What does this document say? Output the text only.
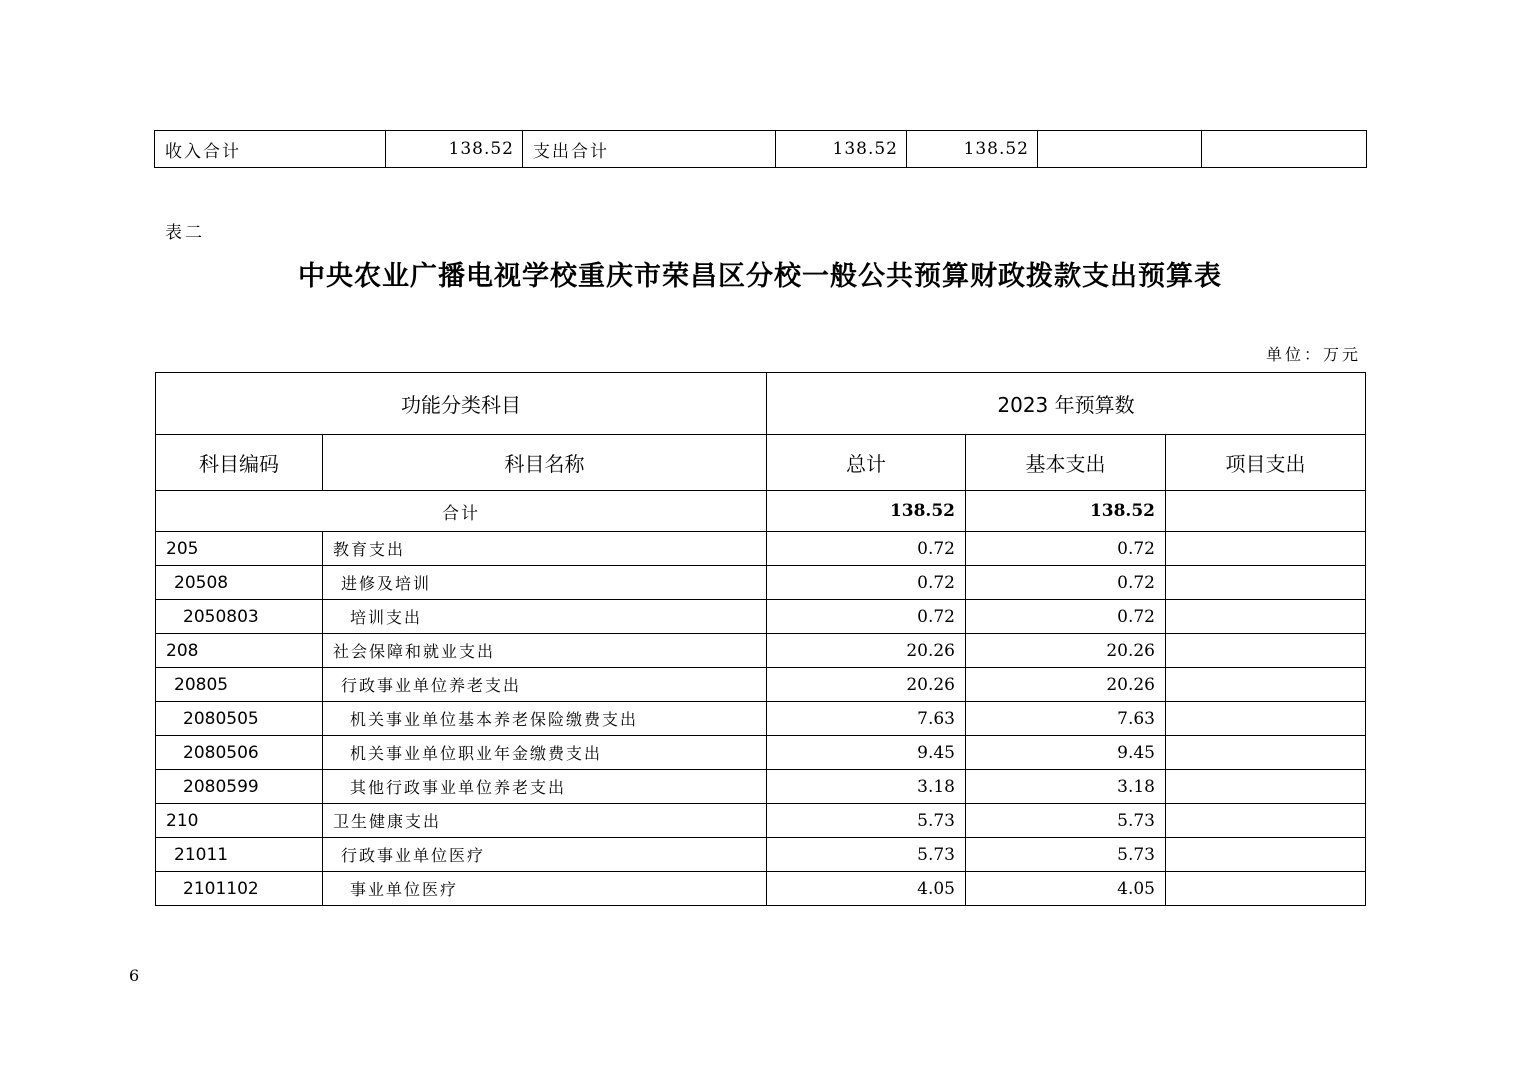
收入合计	138.52	支出合计	138.52	138.52		
表二
中央农业广播电视学校重庆市荣昌区分校一般公共预算财政拨款支出预算表
单位：万元
功能分类科目		2023 年预算数		
科目编码	科目名称	总计	基本支出	项目支出
合计		138.52	138.52	
205	教育支出	0.72	0.72	
20508	进修及培训	0.72	0.72	
2050803	培训支出	0.72	0.72	
208	社会保障和就业支出	20.26	20.26	
20805	行政事业单位养老支出	20.26	20.26	
2080505	机关事业单位基本养老保险缴费支出	7.63	7.63	
2080506	机关事业单位职业年金缴费支出	9.45	9.45	
2080599	其他行政事业单位养老支出	3.18	3.18	
210	卫生健康支出	5.73	5.73	
21011	行政事业单位医疗	5.73	5.73	
2101102	事业单位医疗	4.05	4.05	
6
